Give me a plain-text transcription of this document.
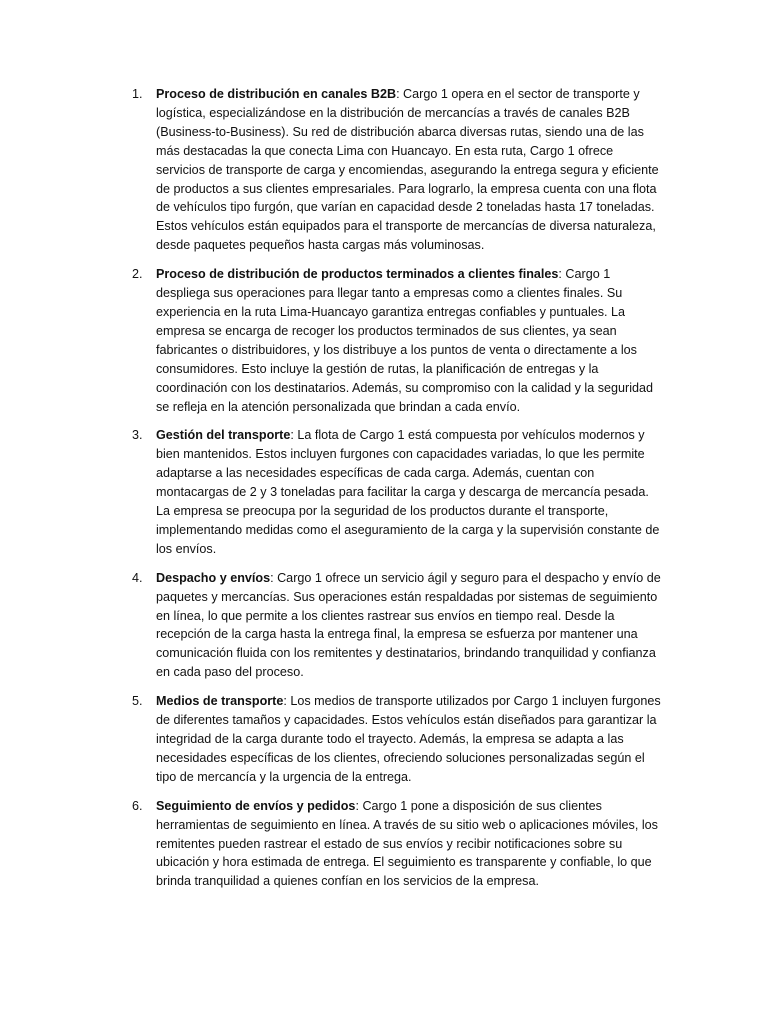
1. Proceso de distribución en canales B2B: Cargo 1 opera en el sector de transporte y logística, especializándose en la distribución de mercancías a través de canales B2B (Business-to-Business). Su red de distribución abarca diversas rutas, siendo una de las más destacadas la que conecta Lima con Huancayo. En esta ruta, Cargo 1 ofrece servicios de transporte de carga y encomiendas, asegurando la entrega segura y eficiente de productos a sus clientes empresariales. Para lograrlo, la empresa cuenta con una flota de vehículos tipo furgón, que varían en capacidad desde 2 toneladas hasta 17 toneladas. Estos vehículos están equipados para el transporte de mercancías de diversa naturaleza, desde paquetes pequeños hasta cargas más voluminosas.
2. Proceso de distribución de productos terminados a clientes finales: Cargo 1 despliega sus operaciones para llegar tanto a empresas como a clientes finales. Su experiencia en la ruta Lima-Huancayo garantiza entregas confiables y puntuales. La empresa se encarga de recoger los productos terminados de sus clientes, ya sean fabricantes o distribuidores, y los distribuye a los puntos de venta o directamente a los consumidores. Esto incluye la gestión de rutas, la planificación de entregas y la coordinación con los destinatarios. Además, su compromiso con la calidad y la seguridad se refleja en la atención personalizada que brindan a cada envío.
3. Gestión del transporte: La flota de Cargo 1 está compuesta por vehículos modernos y bien mantenidos. Estos incluyen furgones con capacidades variadas, lo que les permite adaptarse a las necesidades específicas de cada carga. Además, cuentan con montacargas de 2 y 3 toneladas para facilitar la carga y descarga de mercancía pesada. La empresa se preocupa por la seguridad de los productos durante el transporte, implementando medidas como el aseguramiento de la carga y la supervisión constante de los envíos.
4. Despacho y envíos: Cargo 1 ofrece un servicio ágil y seguro para el despacho y envío de paquetes y mercancías. Sus operaciones están respaldadas por sistemas de seguimiento en línea, lo que permite a los clientes rastrear sus envíos en tiempo real. Desde la recepción de la carga hasta la entrega final, la empresa se esfuerza por mantener una comunicación fluida con los remitentes y destinatarios, brindando tranquilidad y confianza en cada paso del proceso.
5. Medios de transporte: Los medios de transporte utilizados por Cargo 1 incluyen furgones de diferentes tamaños y capacidades. Estos vehículos están diseñados para garantizar la integridad de la carga durante todo el trayecto. Además, la empresa se adapta a las necesidades específicas de los clientes, ofreciendo soluciones personalizadas según el tipo de mercancía y la urgencia de la entrega.
6. Seguimiento de envíos y pedidos: Cargo 1 pone a disposición de sus clientes herramientas de seguimiento en línea. A través de su sitio web o aplicaciones móviles, los remitentes pueden rastrear el estado de sus envíos y recibir notificaciones sobre su ubicación y hora estimada de entrega. El seguimiento es transparente y confiable, lo que brinda tranquilidad a quienes confían en los servicios de la empresa.
